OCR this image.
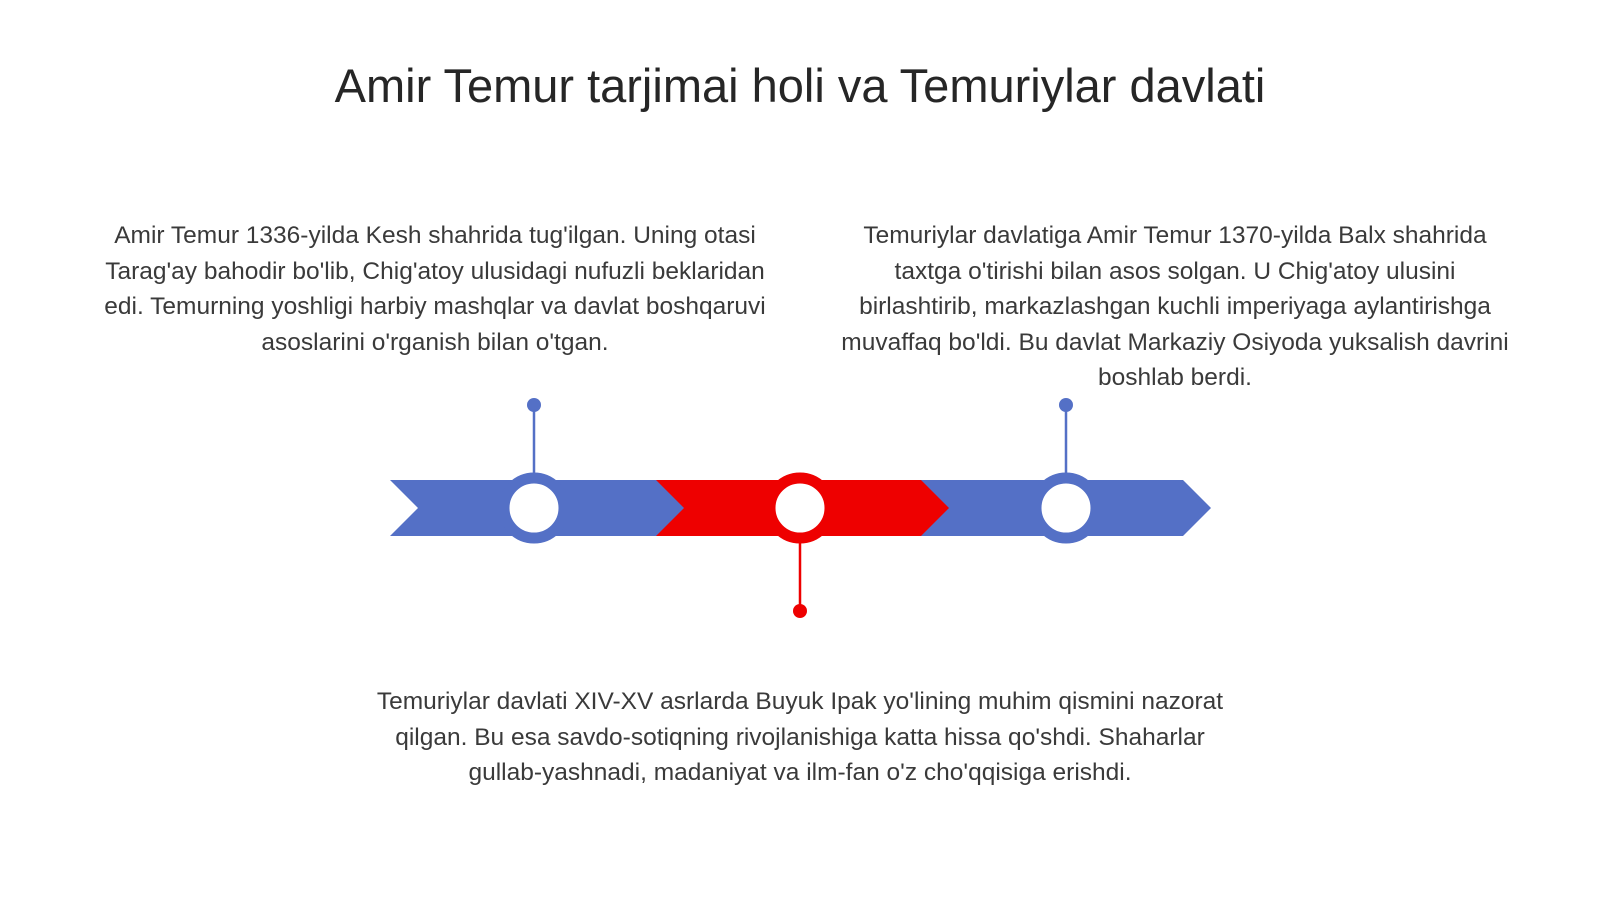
Amir Temur tarjimai holi va Temuriylar davlati
Amir Temur 1336-yilda Kesh shahrida tug'ilgan. Uning otasi Tarag'ay bahodir bo'lib, Chig'atoy ulusidagi nufuzli beklaridan edi. Temurning yoshligi harbiy mashqlar va davlat boshqaruvi asoslarini o'rganish bilan o'tgan.
Temuriylar davlatiga Amir Temur 1370-yilda Balx shahrida taxtga o'tirishi bilan asos solgan. U Chig'atoy ulusini birlashtirib, markazlashgan kuchli imperiyaga aylantirishga muvaffaq bo'ldi. Bu davlat Markaziy Osiyoda yuksalish davrini boshlab berdi.
Temuriylar davlati XIV-XV asrlarda Buyuk Ipak yo'lining muhim qismini nazorat qilgan. Bu esa savdo-sotiqning rivojlanishiga katta hissa qo'shdi. Shaharlar gullab-yashnadi, madaniyat va ilm-fan o'z cho'qqisiga erishdi.
